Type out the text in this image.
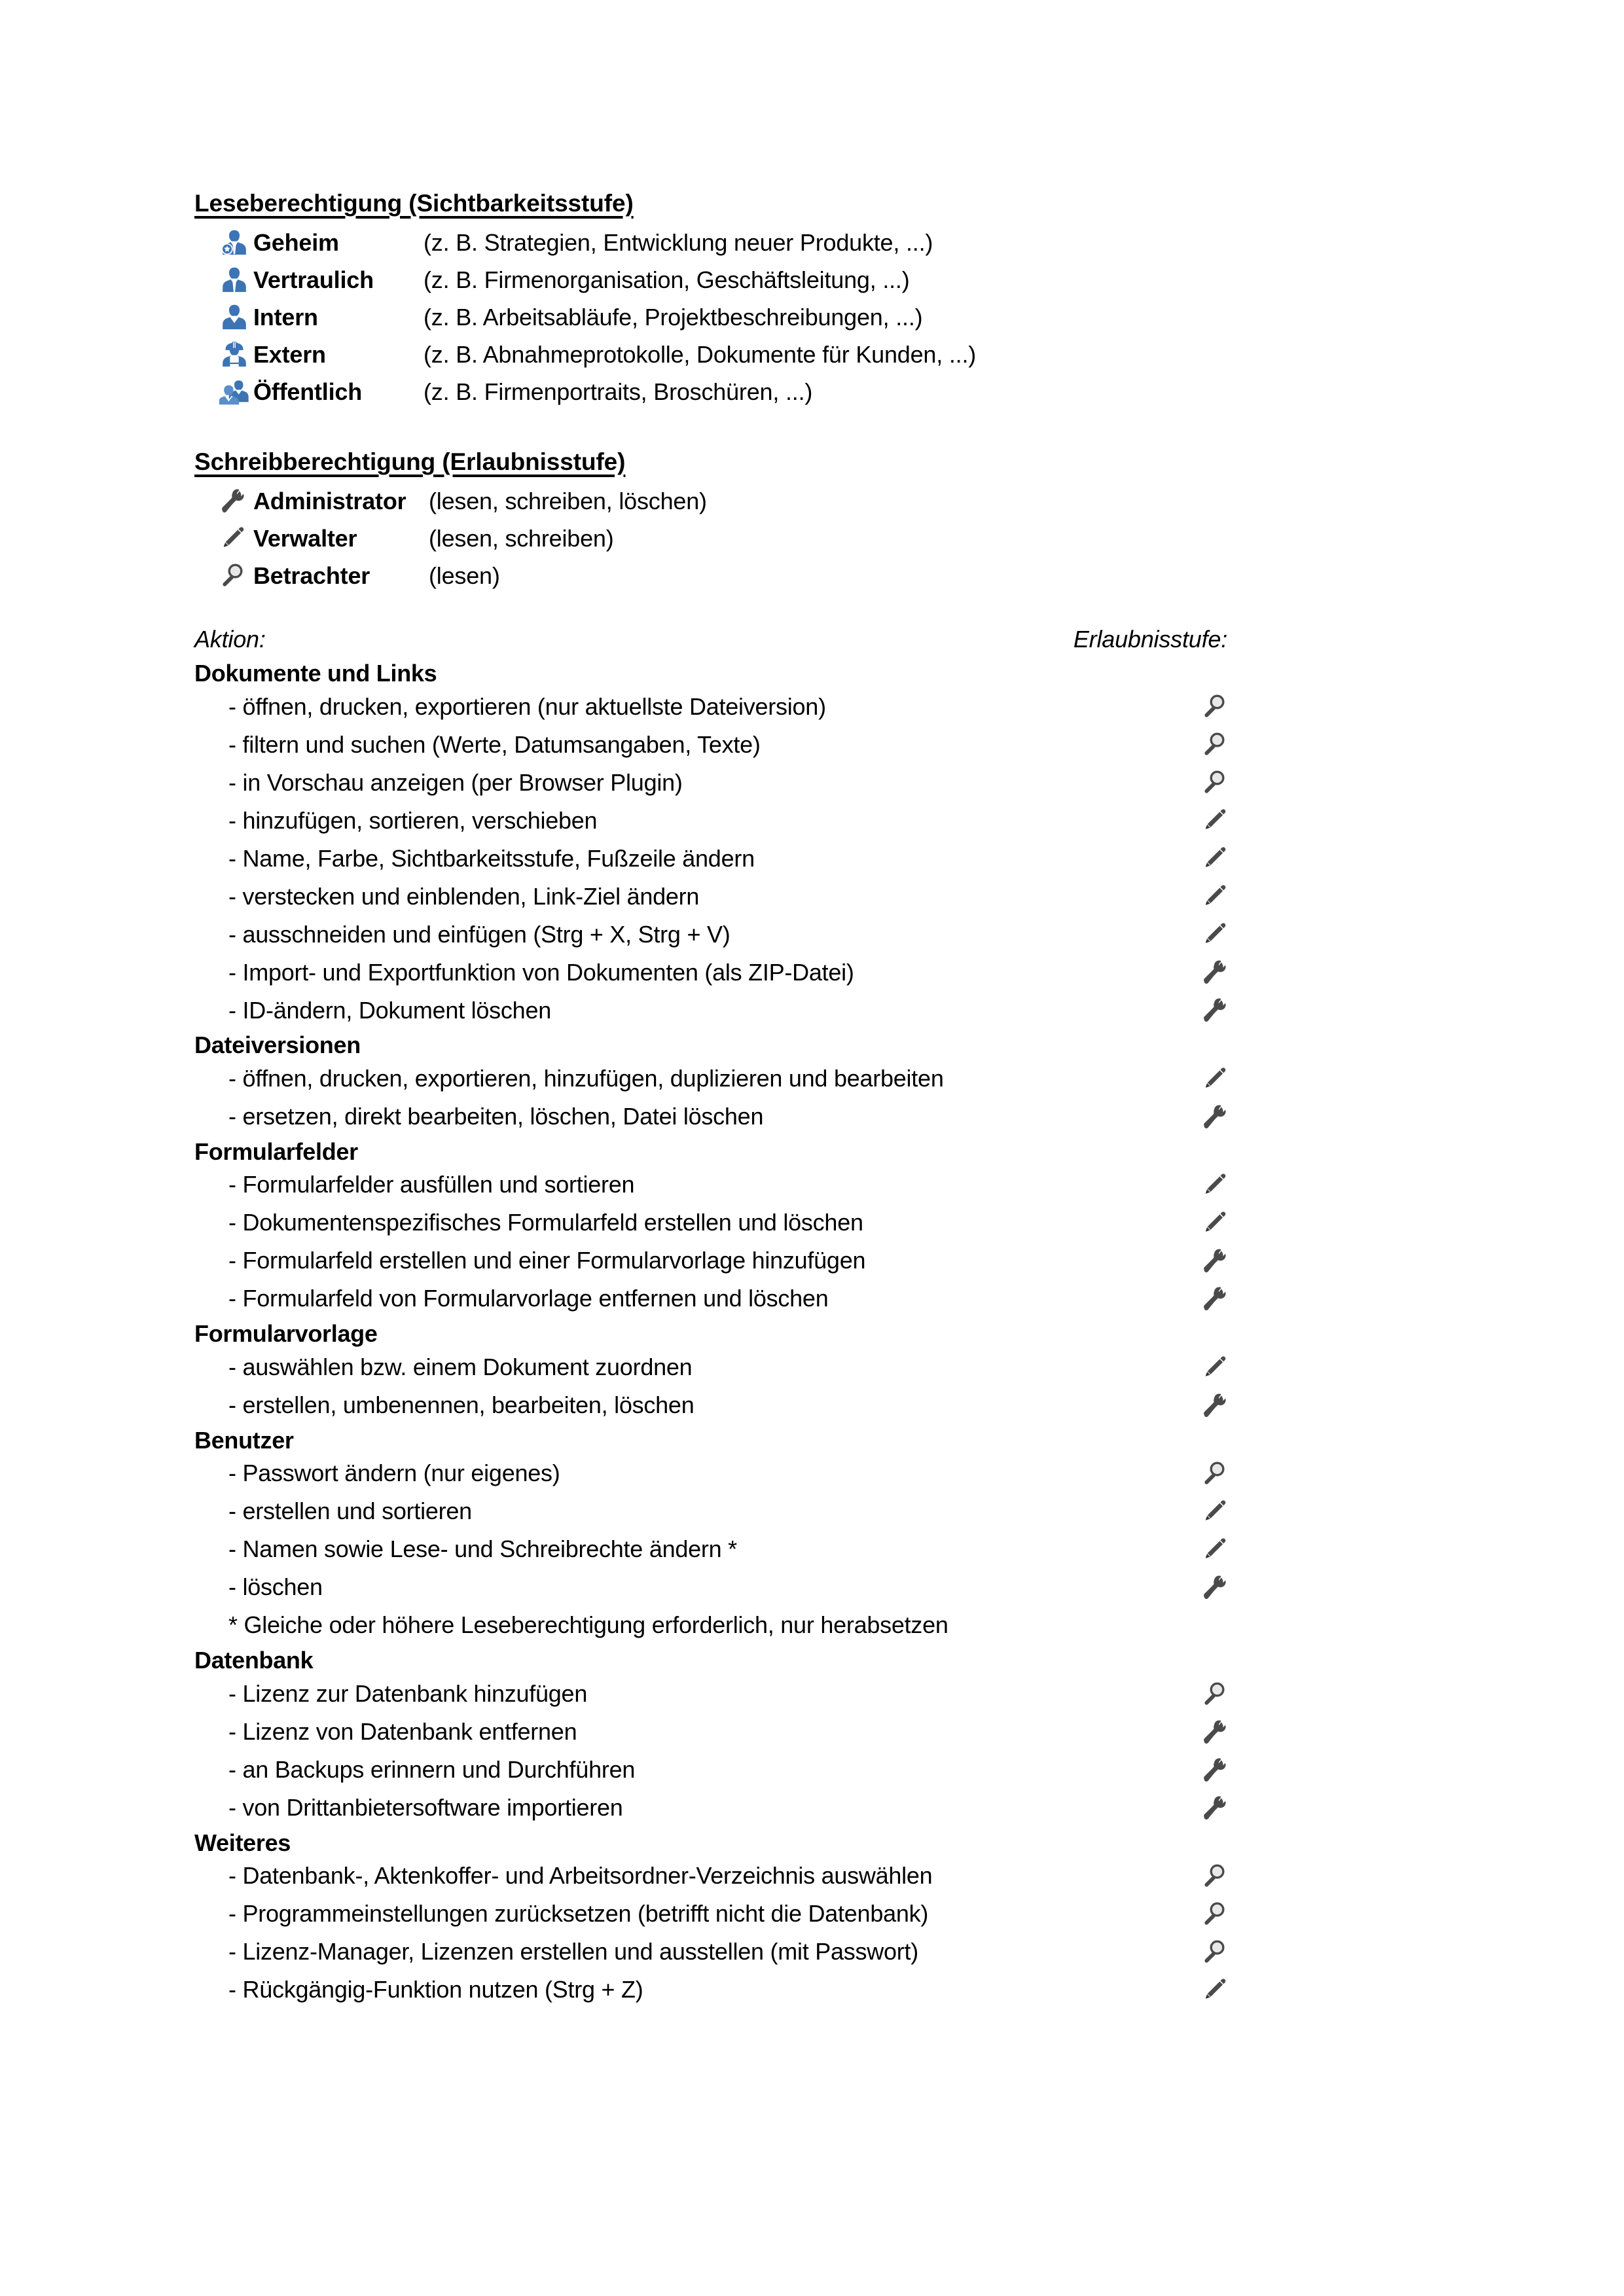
Leseberechtigung (Sichtbarkeitsstufe)
Geheim	(z. B. Strategien, Entwicklung neuer Produkte, ...)
Vertraulich	(z. B. Firmenorganisation, Geschäftsleitung, ...)
Intern	(z. B. Arbeitsabläufe, Projektbeschreibungen, ...)
Extern	(z. B. Abnahmeprotokolle, Dokumente für Kunden, ...)
Öffentlich	(z. B. Firmenportraits, Broschüren, ...)
Schreibberechtigung (Erlaubnisstufe)
Administrator (lesen, schreiben, löschen)
Verwalter	(lesen, schreiben)
Betrachter	(lesen)
Aktion:	Erlaubnisstufe:
Dokumente und Links
- öffnen, drucken, exportieren (nur aktuellste Dateiversion)
- filtern und suchen (Werte, Datumsangaben, Texte)
- in Vorschau anzeigen (per Browser Plugin)
- hinzufügen, sortieren, verschieben
- Name, Farbe, Sichtbarkeitsstufe, Fußzeile ändern
- verstecken und einblenden, Link-Ziel ändern
- ausschneiden und einfügen (Strg + X, Strg + V)
- Import- und Exportfunktion von Dokumenten (als ZIP-Datei)
- ID-ändern, Dokument löschen
Dateiversionen
- öffnen, drucken, exportieren, hinzufügen, duplizieren und bearbeiten
- ersetzen, direkt bearbeiten, löschen, Datei löschen
Formularfelder
- Formularfelder ausfüllen und sortieren
- Dokumentenspezifisches Formularfeld erstellen und löschen
- Formularfeld erstellen und einer Formularvorlage hinzufügen
- Formularfeld von Formularvorlage entfernen und löschen
Formularvorlage
- auswählen bzw. einem Dokument zuordnen
- erstellen, umbenennen, bearbeiten, löschen
Benutzer
- Passwort ändern (nur eigenes)
- erstellen und sortieren
- Namen sowie Lese- und Schreibrechte ändern *
- löschen
* Gleiche oder höhere Leseberechtigung erforderlich, nur herabsetzen
Datenbank
- Lizenz zur Datenbank hinzufügen
- Lizenz von Datenbank entfernen
- an Backups erinnern und Durchführen
- von Drittanbietersoftware importieren
Weiteres
- Datenbank-, Aktenkoffer- und Arbeitsordner-Verzeichnis auswählen
- Programmeinstellungen zurücksetzen (betrifft nicht die Datenbank)
- Lizenz-Manager, Lizenzen erstellen und ausstellen (mit Passwort)
- Rückgängig-Funktion nutzen (Strg + Z)
